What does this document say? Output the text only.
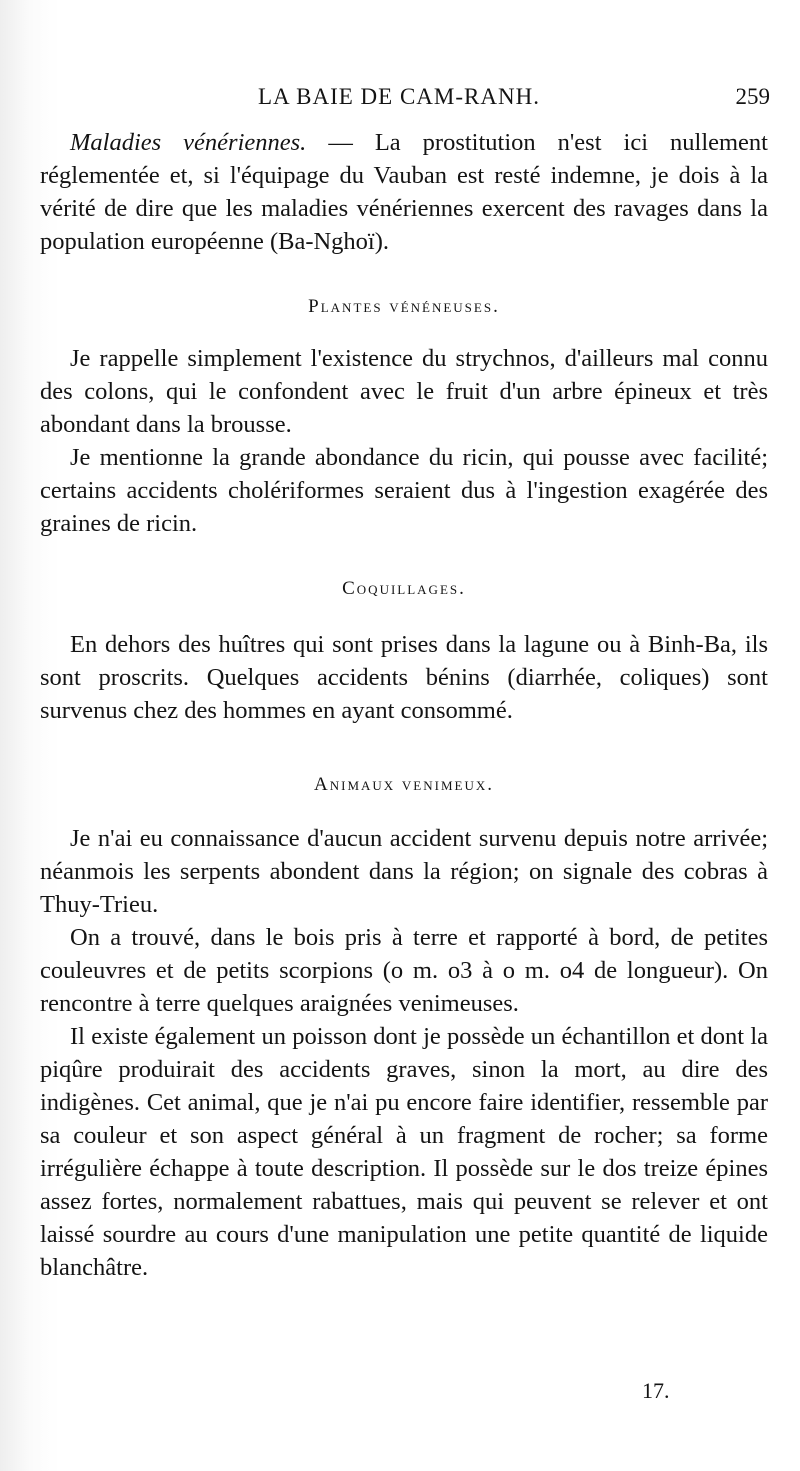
LA BAIE DE CAM-RANH.	259

Maladies vénériennes. — La prostitution n'est ici nullement réglementée et, si l'équipage du Vauban est resté indemne, je dois à la vérité de dire que les maladies vénériennes exercent des ravages dans la population européenne (Ba-Nghoï).

Plantes vénéneuses.

Je rappelle simplement l'existence du strychnos, d'ailleurs mal connu des colons, qui le confondent avec le fruit d'un arbre épineux et très abondant dans la brousse.

Je mentionne la grande abondance du ricin, qui pousse avec facilité; certains accidents cholériformes seraient dus à l'ingestion exagérée des graines de ricin.

Coquillages.

En dehors des huîtres qui sont prises dans la lagune ou à Binh-Ba, ils sont proscrits. Quelques accidents bénins (diarrhée, coliques) sont survenus chez des hommes en ayant consommé.

Animaux venimeux.

Je n'ai eu connaissance d'aucun accident survenu depuis notre arrivée; néanmois les serpents abondent dans la région; on signale des cobras à Thuy-Trieu.

On a trouvé, dans le bois pris à terre et rapporté à bord, de petites couleuvres et de petits scorpions (o m. o3 à o m. o4 de longueur). On rencontre à terre quelques araignées venimeuses.

Il existe également un poisson dont je possède un échantillon et dont la piqûre produirait des accidents graves, sinon la mort, au dire des indigènes. Cet animal, que je n'ai pu encore faire identifier, ressemble par sa couleur et son aspect général à un fragment de rocher; sa forme irrégulière échappe à toute description. Il possède sur le dos treize épines assez fortes, normalement rabattues, mais qui peuvent se relever et ont laissé sourdre au cours d'une manipulation une petite quantité de liquide blanchâtre.

17.
